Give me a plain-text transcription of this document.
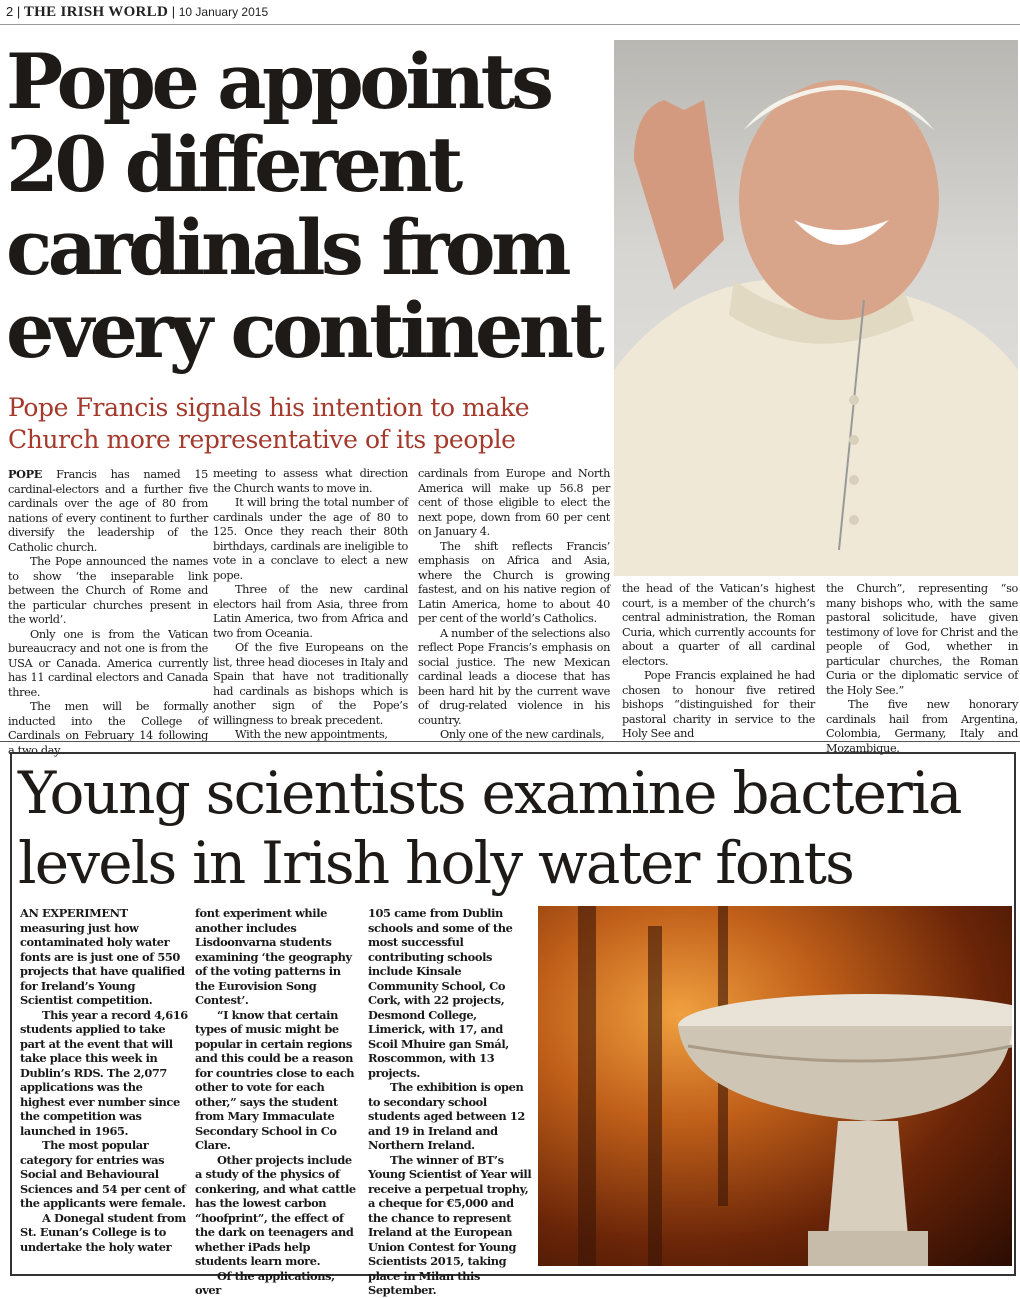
2 | THE IRISH WORLD | 10 January 2015
Pope appoints
20 different
cardinals from
every continent
Pope Francis signals his intention to make Church more representative of its people

POPE Francis has named 15 cardinal-electors and a further five cardinals over the age of 80 from nations of every continent to further diversify the leadership of the Catholic church.

The Pope announced the names to show ‘the inseparable link between the Church of Rome and the particular churches present in the world’.

Only one is from the Vatican bureaucracy and not one is from the USA or Canada. America currently has 11 cardinal electors and Canada three.

The men will be formally inducted into the College of Cardinals on February 14 following a two day

meeting to assess what direction the Church wants to move in.

It will bring the total number of cardinals under the age of 80 to 125. Once they reach their 80th birthdays, cardinals are ineligible to vote in a conclave to elect a new pope.

Three of the new cardinal electors hail from Asia, three from Latin America, two from Africa and two from Oceania.

Of the five Europeans on the list, three head dioceses in Italy and Spain that have not traditionally had cardinals as bishops which is another sign of the Pope’s willingness to break precedent.

With the new appointments,

cardinals from Europe and North America will make up 56.8 per cent of those eligible to elect the next pope, down from 60 per cent on January 4.

The shift reflects Francis’ emphasis on Africa and Asia, where the Church is growing fastest, and on his native region of Latin America, home to about 40 per cent of the world’s Catholics.

A number of the selections also reflect Pope Francis’s emphasis on social justice. The new Mexican cardinal leads a diocese that has been hard hit by the current wave of drug-related violence in his country.

Only one of the new cardinals,

the head of the Vatican’s highest court, is a member of the church’s central administration, the Roman Curia, which currently accounts for about a quarter of all cardinal electors.

Pope Francis explained he had chosen to honour five retired bishops “distinguished for their pastoral charity in service to the Holy See and

the Church”, representing “so many bishops who, with the same pastoral solicitude, have given testimony of love for Christ and the people of God, whether in particular churches, the Roman Curia or the diplomatic service of the Holy See.”

The five new honorary cardinals hail from Argentina, Colombia, Germany, Italy and Mozambique.

Young scientists examine bacteria
levels in Irish holy water fonts

AN EXPERIMENT measuring just how contaminated holy water fonts are is just one of 550 projects that have qualified for Ireland’s Young Scientist competition.

This year a record 4,616 students applied to take part at the event that will take place this week in Dublin’s RDS. The 2,077 applications was the highest ever number since the competition was launched in 1965.

The most popular category for entries was Social and Behavioural Sciences and 54 per cent of the applicants were female.

A Donegal student from St. Eunan’s College is to undertake the holy water

font experiment while another includes Lisdoonvarna students examining ‘the geography of the voting patterns in the Eurovision Song Contest’.

“I know that certain types of music might be popular in certain regions and this could be a reason for countries close to each other to vote for each other,” says the student from Mary Immaculate Secondary School in Co Clare.

Other projects include a study of the physics of conkering, and what cattle has the lowest carbon “hoofprint”, the effect of the dark on teenagers and whether iPads help students learn more.

Of the applications, over

105 came from Dublin schools and some of the most successful contributing schools include Kinsale Community School, Co Cork, with 22 projects, Desmond College, Limerick, with 17, and Scoil Mhuire gan Smál, Roscommon, with 13 projects.

The exhibition is open to secondary school students aged between 12 and 19 in Ireland and Northern Ireland.

The winner of BT’s Young Scientist of Year will receive a perpetual trophy, a cheque for €5,000 and the chance to represent Ireland at the European Union Contest for Young Scientists 2015, taking place in Milan this September.
